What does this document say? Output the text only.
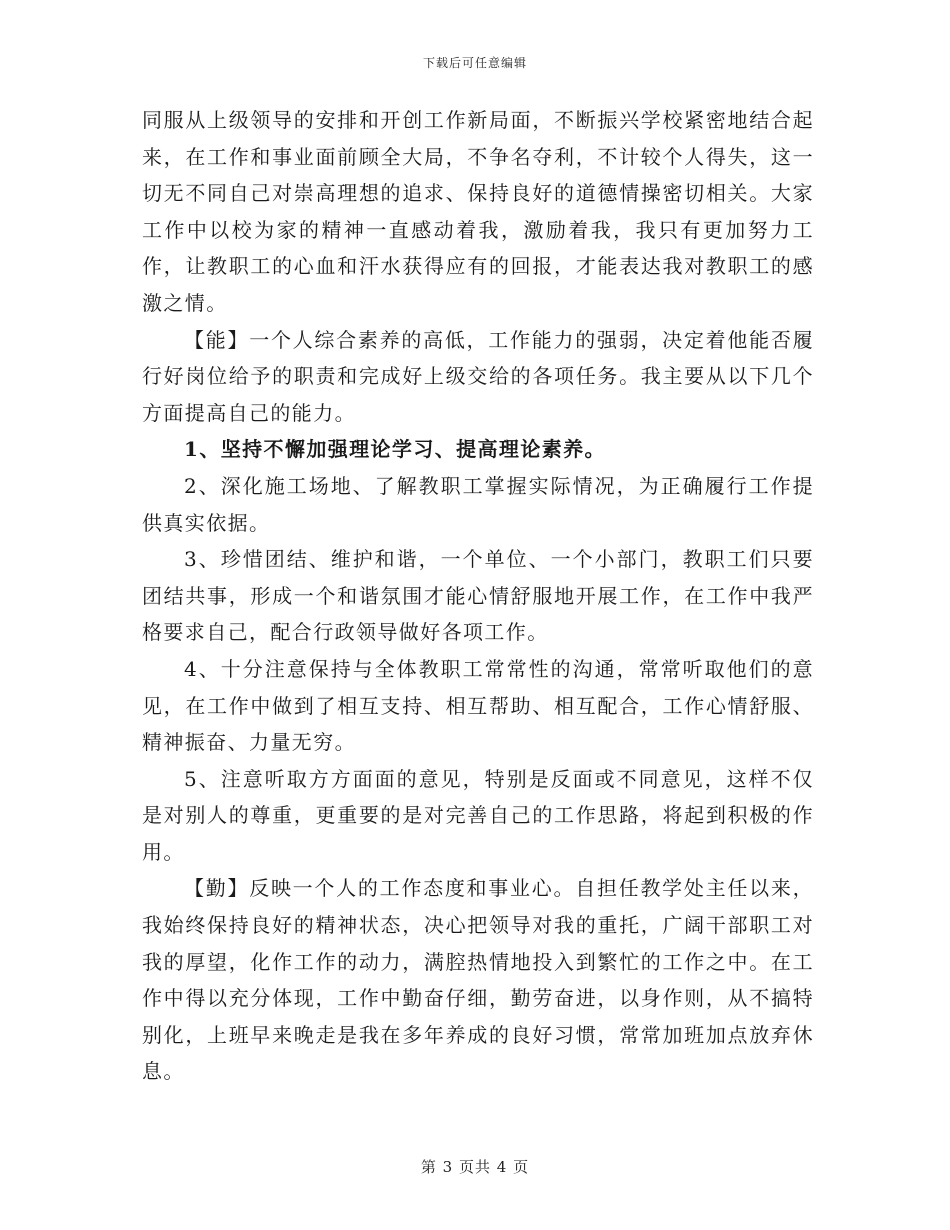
下载后可任意编辑

同服从上级领导的安排和开创工作新局面，不断振兴学校紧密地结合起来，在工作和事业面前顾全大局，不争名夺利，不计较个人得失，这一切无不同自己对崇高理想的追求、保持良好的道德情操密切相关。大家工作中以校为家的精神一直感动着我，激励着我，我只有更加努力工作，让教职工的心血和汗水获得应有的回报，才能表达我对教职工的感激之情。

【能】一个人综合素养的高低，工作能力的强弱，决定着他能否履行好岗位给予的职责和完成好上级交给的各项任务。我主要从以下几个方面提高自己的能力。

1、坚持不懈加强理论学习、提高理论素养。

2、深化施工场地、了解教职工掌握实际情况，为正确履行工作提供真实依据。

3、珍惜团结、维护和谐，一个单位、一个小部门，教职工们只要团结共事，形成一个和谐氛围才能心情舒服地开展工作，在工作中我严格要求自己，配合行政领导做好各项工作。

4、十分注意保持与全体教职工常常性的沟通，常常听取他们的意见，在工作中做到了相互支持、相互帮助、相互配合，工作心情舒服、精神振奋、力量无穷。

5、注意听取方方面面的意见，特别是反面或不同意见，这样不仅是对别人的尊重，更重要的是对完善自己的工作思路，将起到积极的作用。

【勤】反映一个人的工作态度和事业心。自担任教学处主任以来，我始终保持良好的精神状态，决心把领导对我的重托，广阔干部职工对我的厚望，化作工作的动力，满腔热情地投入到繁忙的工作之中。在工作中得以充分体现，工作中勤奋仔细，勤劳奋进，以身作则，从不搞特别化，上班早来晚走是我在多年养成的良好习惯，常常加班加点放弃休息。

第 3 页共 4 页
